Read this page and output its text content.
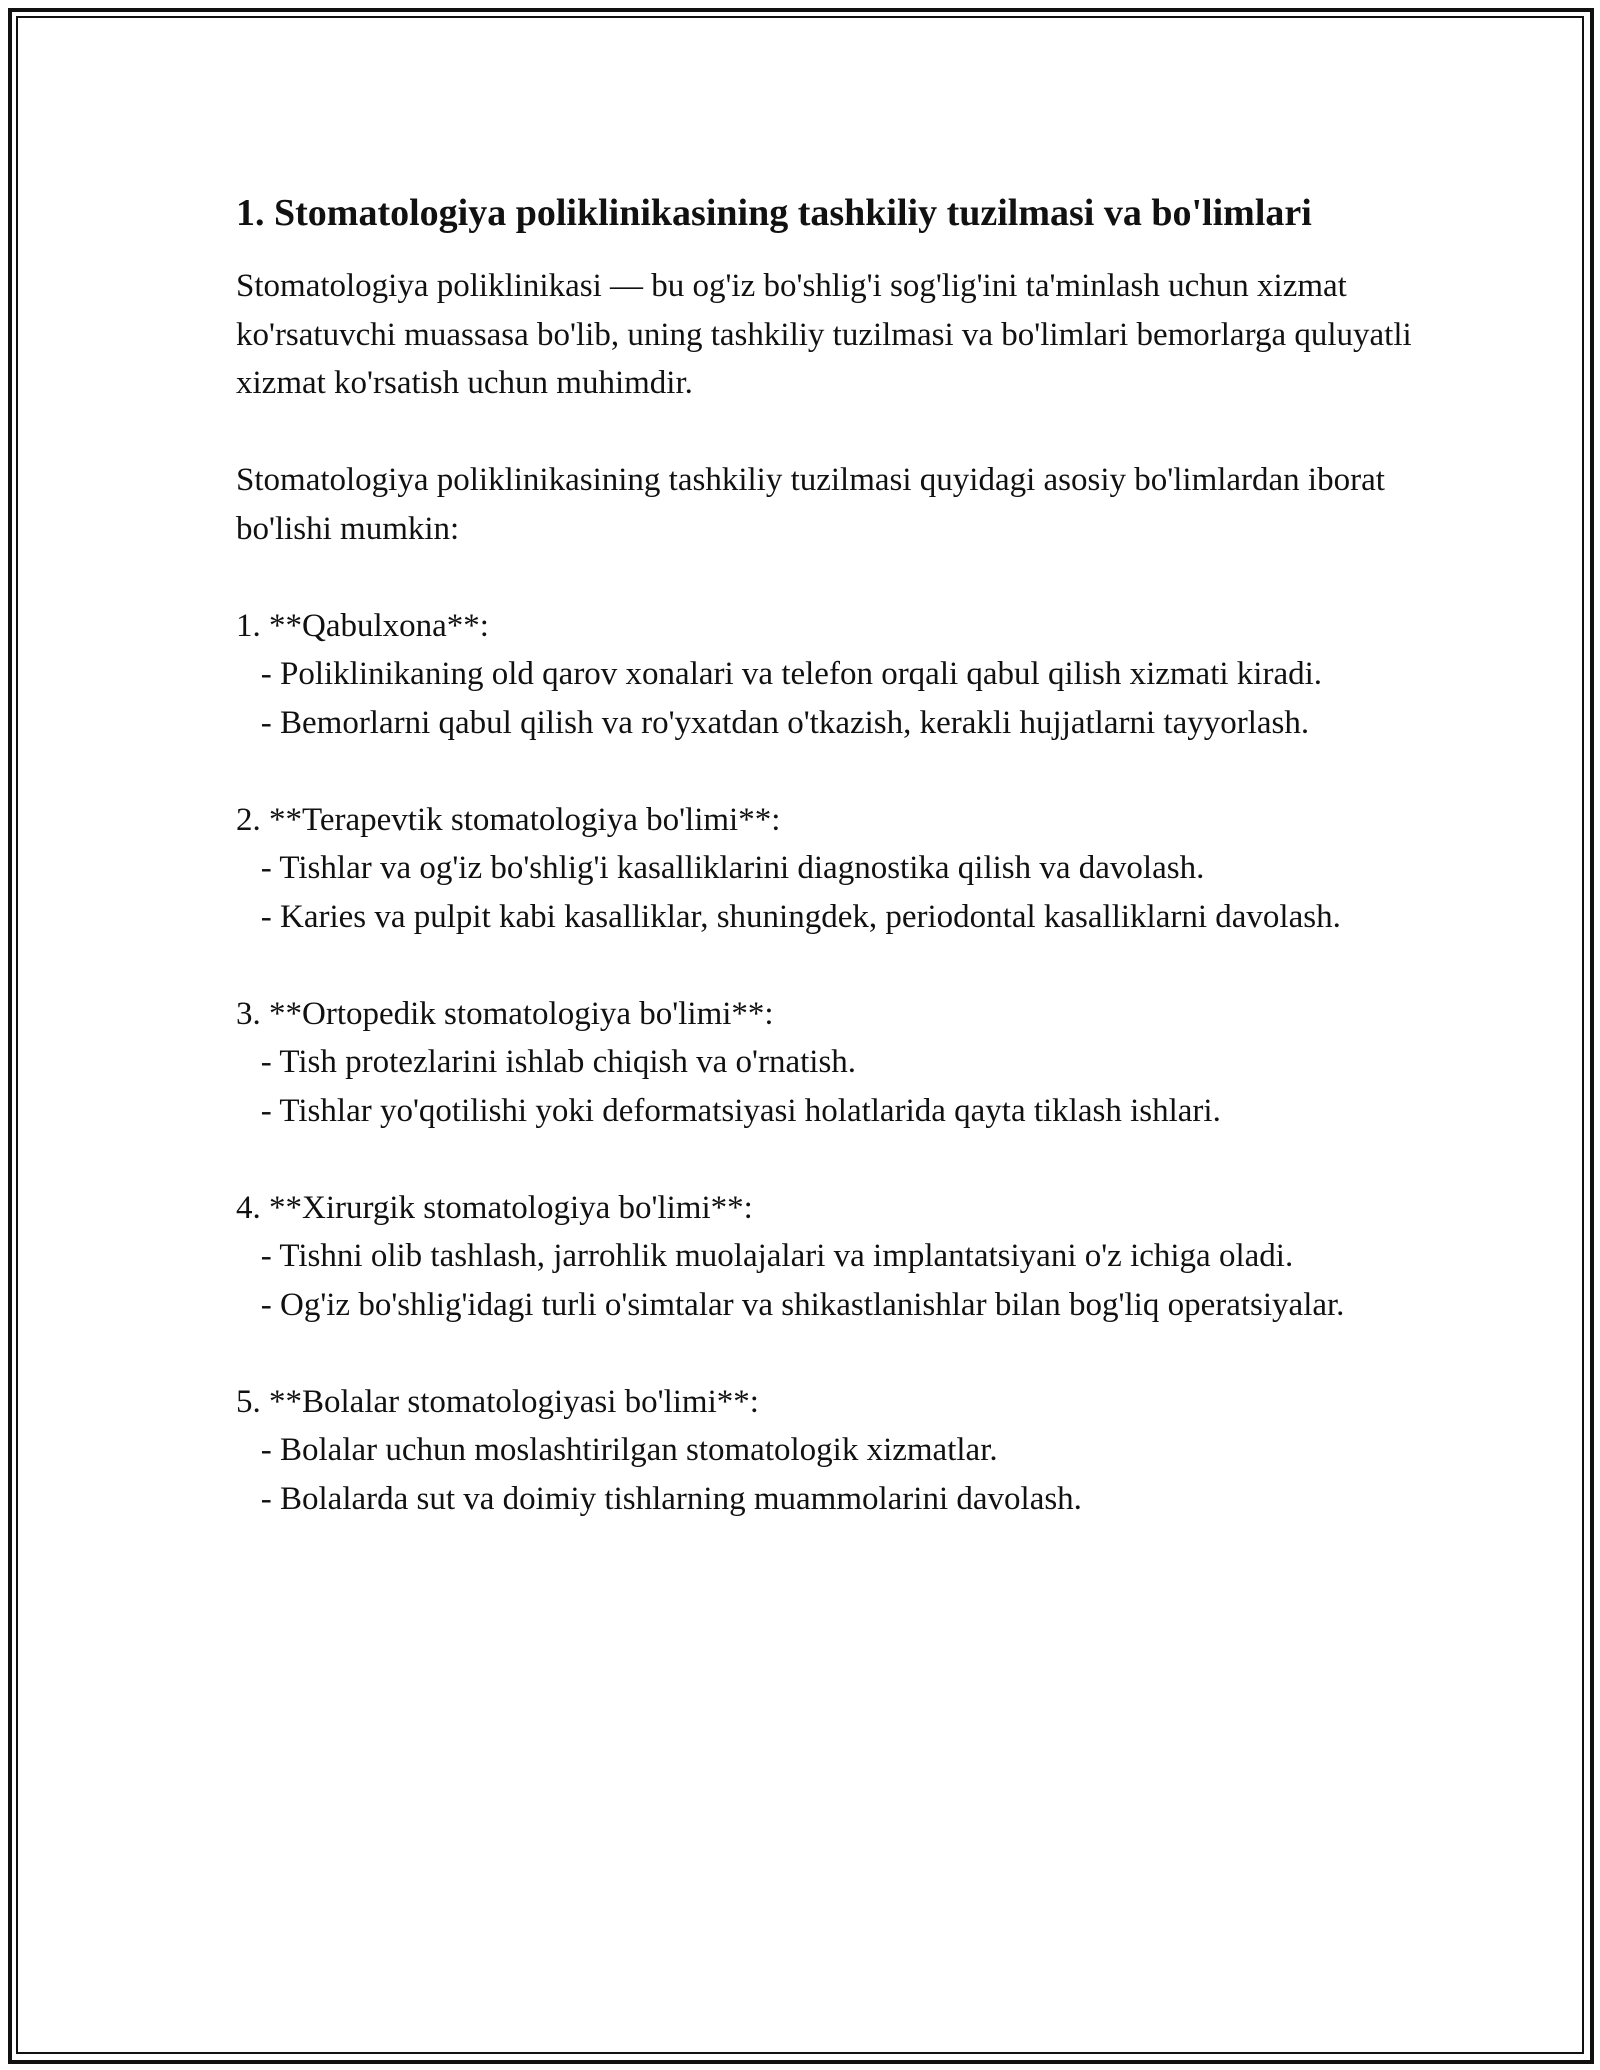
1. Stomatologiya poliklinikasining tashkiliy tuzilmasi va bo'limlari

Stomatologiya poliklinikasi — bu og'iz bo'shlig'i sog'lig'ini ta'minlash uchun xizmat ko'rsatuvchi muassasa bo'lib, uning tashkiliy tuzilmasi va bo'limlari bemorlarga quluyatli xizmat ko'rsatish uchun muhimdir.

Stomatologiya poliklinikasining tashkiliy tuzilmasi quyidagi asosiy bo'limlardan iborat bo'lishi mumkin:

1. **Qabulxona**:

- Poliklinikaning old qarov xonalari va telefon orqali qabul qilish xizmati kiradi.

- Bemorlarni qabul qilish va ro'yxatdan o'tkazish, kerakli hujjatlarni tayyorlash.

2. **Terapevtik stomatologiya bo'limi**:

- Tishlar va og'iz bo'shlig'i kasalliklarini diagnostika qilish va davolash.

- Karies va pulpit kabi kasalliklar, shuningdek, periodontal kasalliklarni davolash.

3. **Ortopedik stomatologiya bo'limi**:

- Tish protezlarini ishlab chiqish va o'rnatish.

- Tishlar yo'qotilishi yoki deformatsiyasi holatlarida qayta tiklash ishlari.

4. **Xirurgik stomatologiya bo'limi**:

- Tishni olib tashlash, jarrohlik muolajalari va implantatsiyani o'z ichiga oladi.

- Og'iz bo'shlig'idagi turli o'simtalar va shikastlanishlar bilan bog'liq operatsiyalar.

5. **Bolalar stomatologiyasi bo'limi**:

- Bolalar uchun moslashtirilgan stomatologik xizmatlar.

- Bolalarda sut va doimiy tishlarning muammolarini davolash.
